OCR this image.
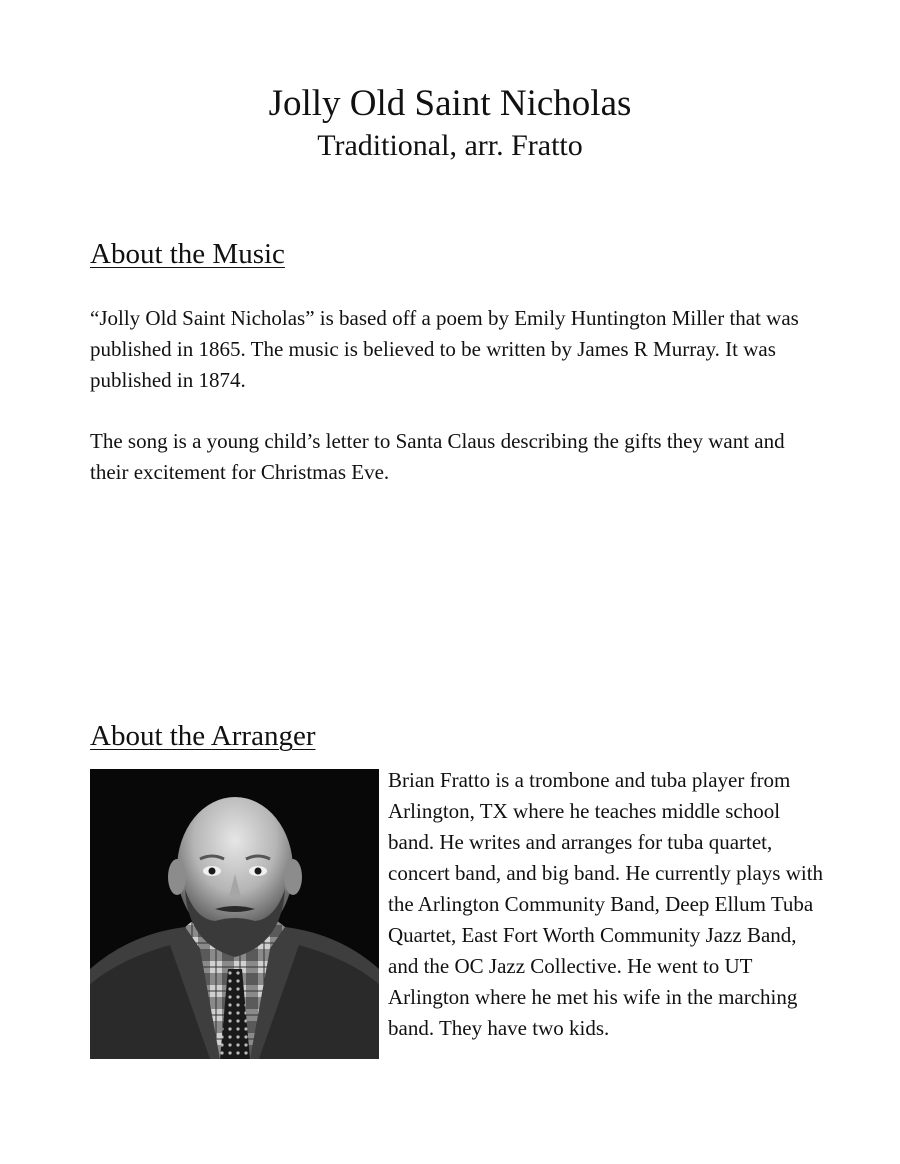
Jolly Old Saint Nicholas
Traditional, arr. Fratto
About the Music

“Jolly Old Saint Nicholas” is based off a poem by Emily Huntington Miller that was published in 1865. The music is believed to be written by James R Murray. It was published in 1874.

The song is a young child’s letter to Santa Claus describing the gifts they want and their excitement for Christmas Eve.

About the Arranger

Brian Fratto is a trombone and tuba player from Arlington, TX where he teaches middle school band. He writes and arranges for tuba quartet, concert band, and big band. He currently plays with the Arlington Community Band, Deep Ellum Tuba Quartet, East Fort Worth Community Jazz Band, and the OC Jazz Collective. He went to UT Arlington where he met his wife in the marching band. They have two kids.
